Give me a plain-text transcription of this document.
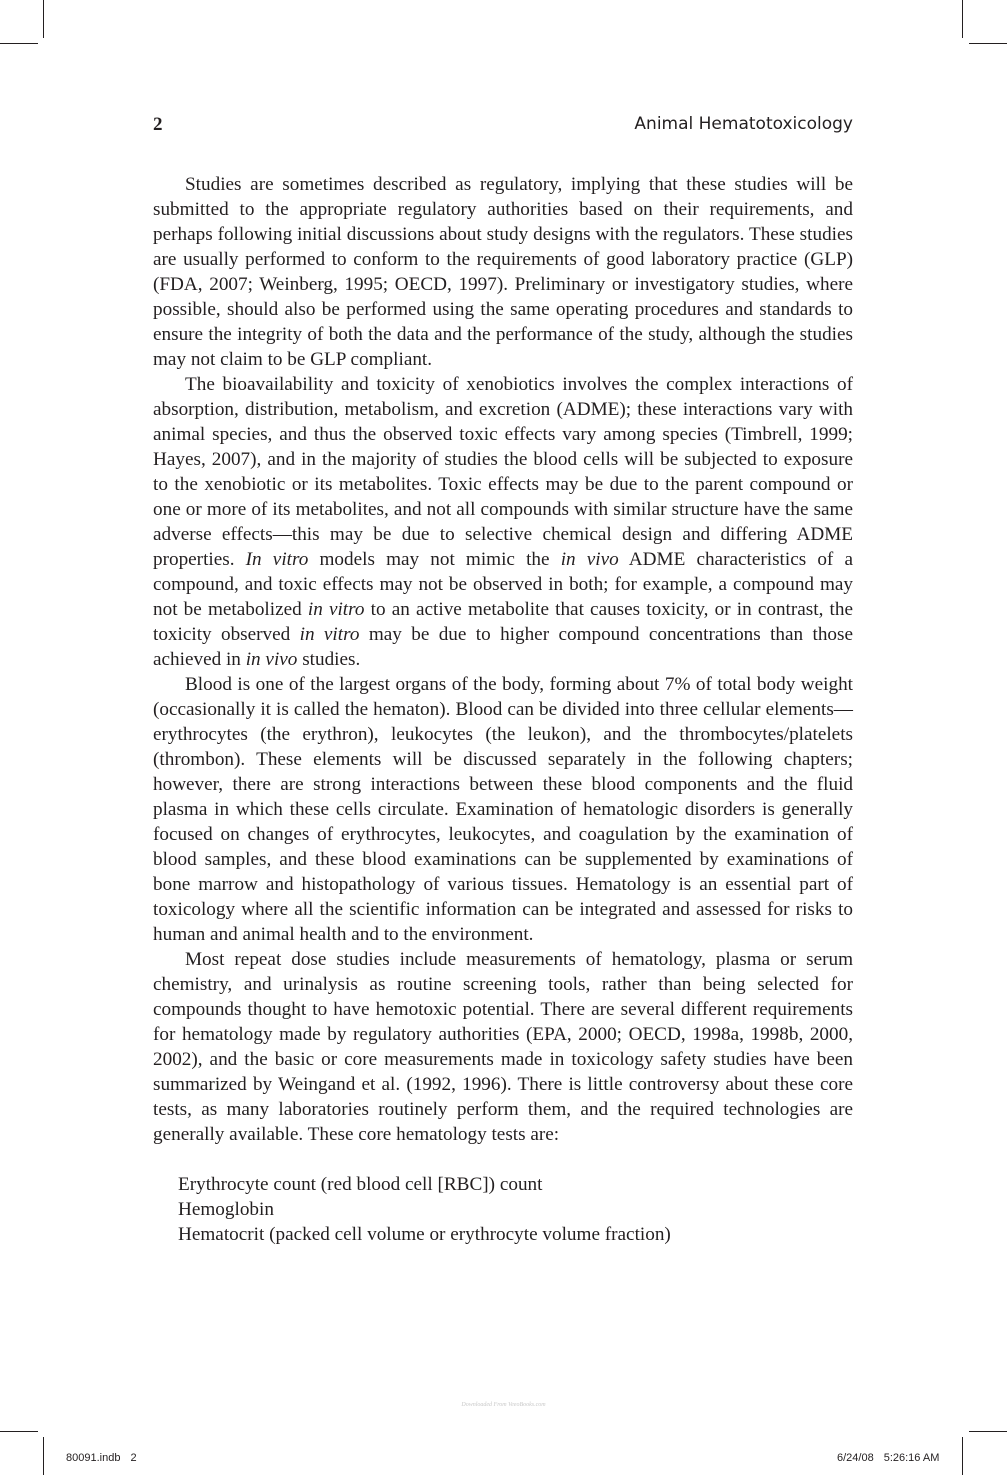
2	Animal Hematotoxicology

Studies are sometimes described as regulatory, implying that these studies will be submitted to the appropriate regulatory authorities based on their requirements, and perhaps following initial discussions about study designs with the regulators. These studies are usually performed to conform to the requirements of good laboratory practice (GLP) (FDA, 2007; Weinberg, 1995; OECD, 1997). Preliminary or investigatory studies, where possible, should also be performed using the same operating procedures and standards to ensure the integrity of both the data and the performance of the study, although the studies may not claim to be GLP compliant.

The bioavailability and toxicity of xenobiotics involves the complex interactions of absorption, distribution, metabolism, and excretion (ADME); these interactions vary with animal species, and thus the observed toxic effects vary among species (Timbrell, 1999; Hayes, 2007), and in the majority of studies the blood cells will be subjected to exposure to the xenobiotic or its metabolites. Toxic effects may be due to the parent compound or one or more of its metabolites, and not all compounds with similar structure have the same adverse effects—this may be due to selective chemical design and differing ADME properties. In vitro models may not mimic the in vivo ADME characteristics of a compound, and toxic effects may not be observed in both; for example, a compound may not be metabolized in vitro to an active metabolite that causes toxicity, or in contrast, the toxicity observed in vitro may be due to higher compound concentrations than those achieved in in vivo studies.

Blood is one of the largest organs of the body, forming about 7% of total body weight (occasionally it is called the hematon). Blood can be divided into three cellular elements—erythrocytes (the erythron), leukocytes (the leukon), and the thrombocytes/platelets (thrombon). These elements will be discussed separately in the following chapters; however, there are strong interactions between these blood components and the fluid plasma in which these cells circulate. Examination of hematologic disorders is generally focused on changes of erythrocytes, leukocytes, and coagulation by the examination of blood samples, and these blood examinations can be supplemented by examinations of bone marrow and histopathology of various tissues. Hematology is an essential part of toxicology where all the scientific information can be integrated and assessed for risks to human and animal health and to the environment.

Most repeat dose studies include measurements of hematology, plasma or serum chemistry, and urinalysis as routine screening tools, rather than being selected for compounds thought to have hemotoxic potential. There are several different requirements for hematology made by regulatory authorities (EPA, 2000; OECD, 1998a, 1998b, 2000, 2002), and the basic or core measurements made in toxicology safety studies have been summarized by Weingand et al. (1992, 1996). There is little controversy about these core tests, as many laboratories routinely perform them, and the required technologies are generally available. These core hematology tests are:

Erythrocyte count (red blood cell [RBC]) count
Hemoglobin
Hematocrit (packed cell volume or erythrocyte volume fraction)
Downloaded From VeeoBooks.com
80091.indb 2	6/24/08 5:26:16 AM
